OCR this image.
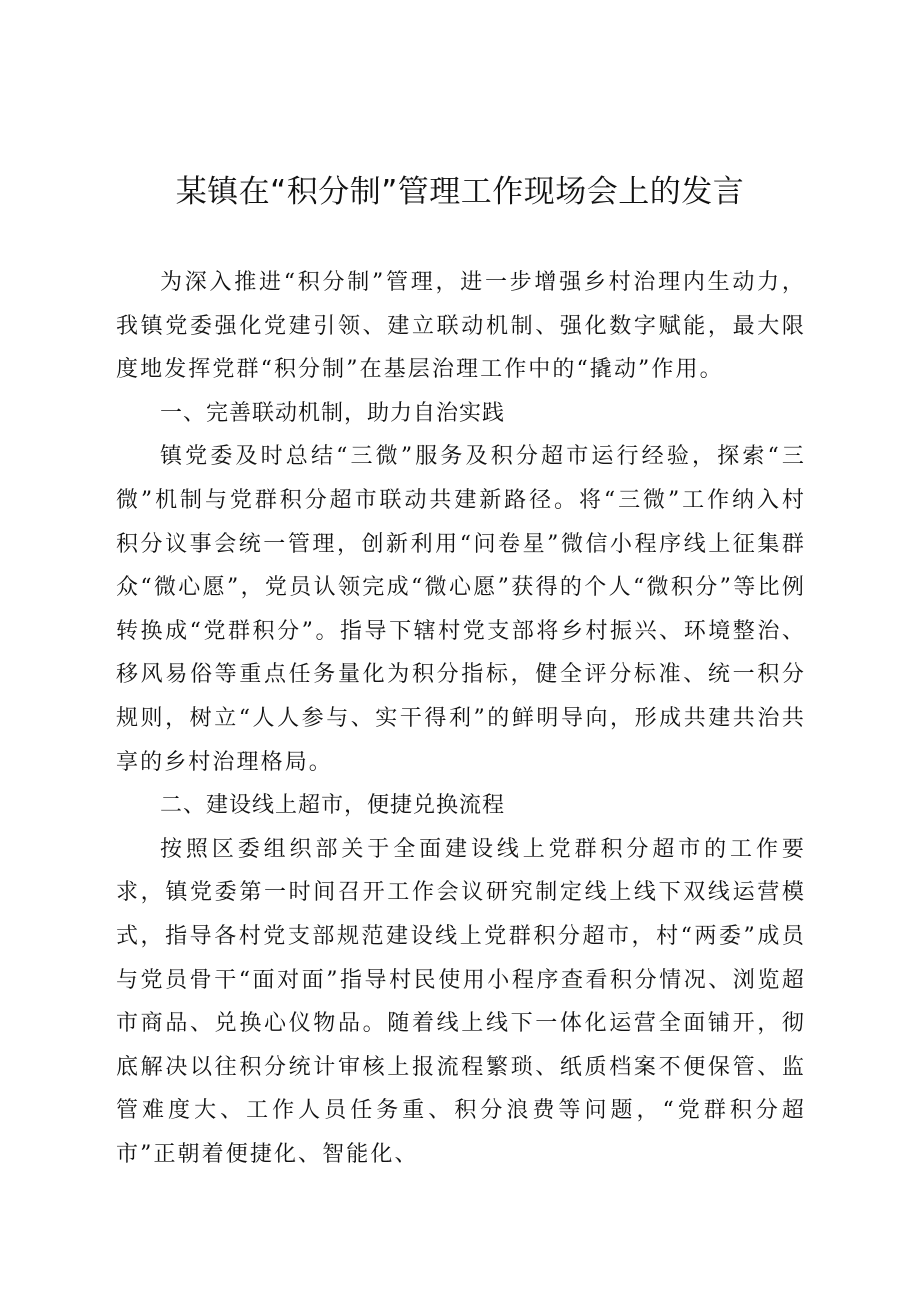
某镇在“积分制”管理工作现场会上的发言

为深入推进“积分制”管理，进一步增强乡村治理内生动力，我镇党委强化党建引领、建立联动机制、强化数字赋能，最大限度地发挥党群“积分制”在基层治理工作中的“撬动”作用。

一、完善联动机制，助力自治实践

镇党委及时总结“三微”服务及积分超市运行经验，探索“三微”机制与党群积分超市联动共建新路径。将“三微”工作纳入村积分议事会统一管理，创新利用“问卷星”微信小程序线上征集群众“微心愿”，党员认领完成“微心愿”获得的个人“微积分”等比例转换成“党群积分”。指导下辖村党支部将乡村振兴、环境整治、移风易俗等重点任务量化为积分指标，健全评分标准、统一积分规则，树立“人人参与、实干得利”的鲜明导向，形成共建共治共享的乡村治理格局。

二、建设线上超市，便捷兑换流程

按照区委组织部关于全面建设线上党群积分超市的工作要求，镇党委第一时间召开工作会议研究制定线上线下双线运营模式，指导各村党支部规范建设线上党群积分超市，村“两委”成员与党员骨干“面对面”指导村民使用小程序查看积分情况、浏览超市商品、兑换心仪物品。随着线上线下一体化运营全面铺开，彻底解决以往积分统计审核上报流程繁琐、纸质档案不便保管、监管难度大、工作人员任务重、积分浪费等问题，“党群积分超市”正朝着便捷化、智能化、
